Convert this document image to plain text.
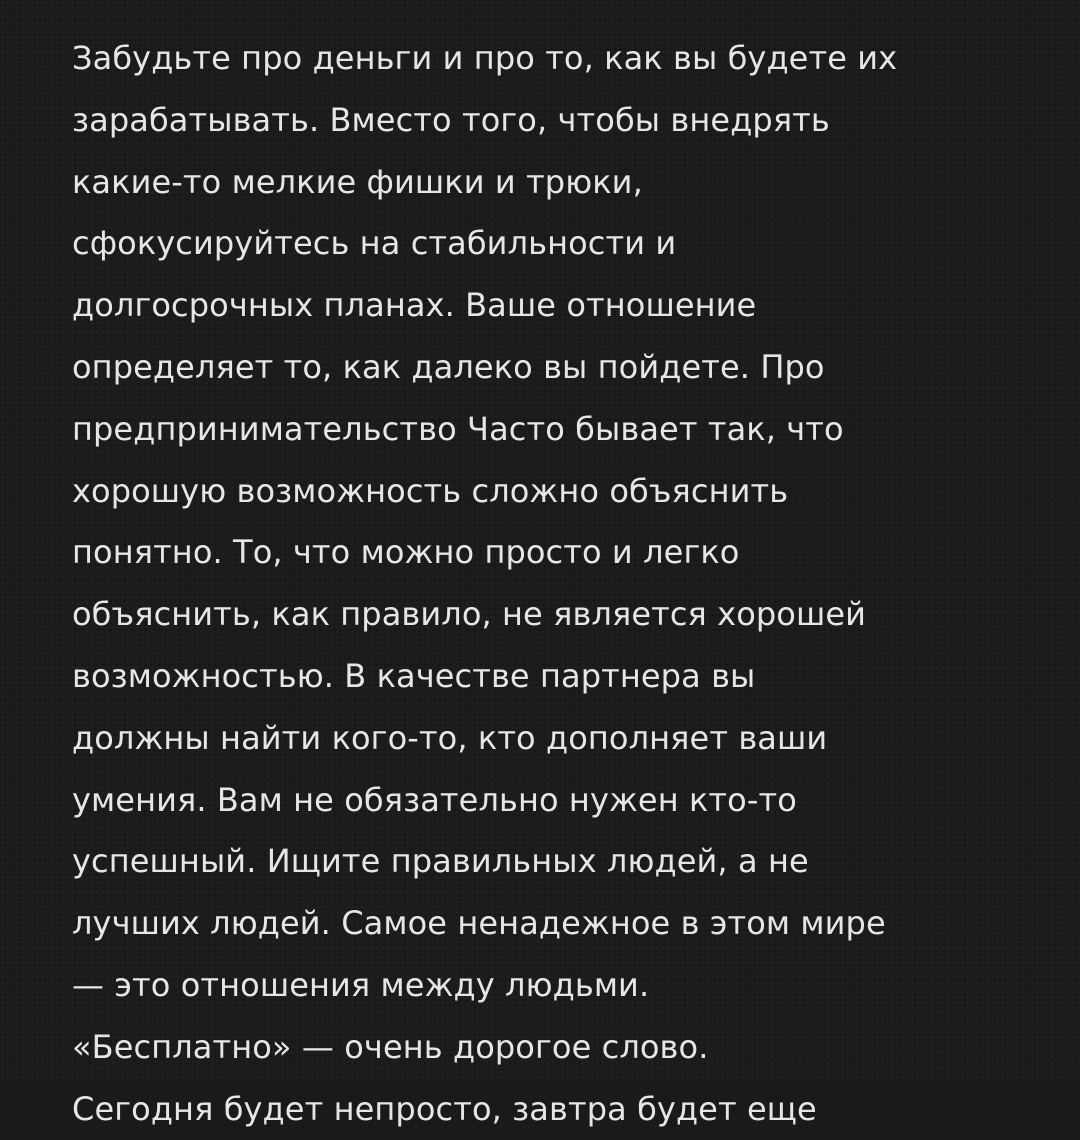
Забудьте про деньги и про то, как вы будете их
зарабатывать. Вместо того, чтобы внедрять
какие-то мелкие фишки и трюки,
сфокусируйтесь на стабильности и
долгосрочных планах. Ваше отношение
определяет то, как далеко вы пойдете. Про
предпринимательство Часто бывает так, что
хорошую возможность сложно объяснить
понятно. То, что можно просто и легко
объяснить, как правило, не является хорошей
возможностью. В качестве партнера вы
должны найти кого-то, кто дополняет ваши
умения. Вам не обязательно нужен кто-то
успешный. Ищите правильных людей, а не
лучших людей. Самое ненадежное в этом мире
— это отношения между людьми.
«Бесплатно» — очень дорогое слово.
Сегодня будет непросто, завтра будет еще
